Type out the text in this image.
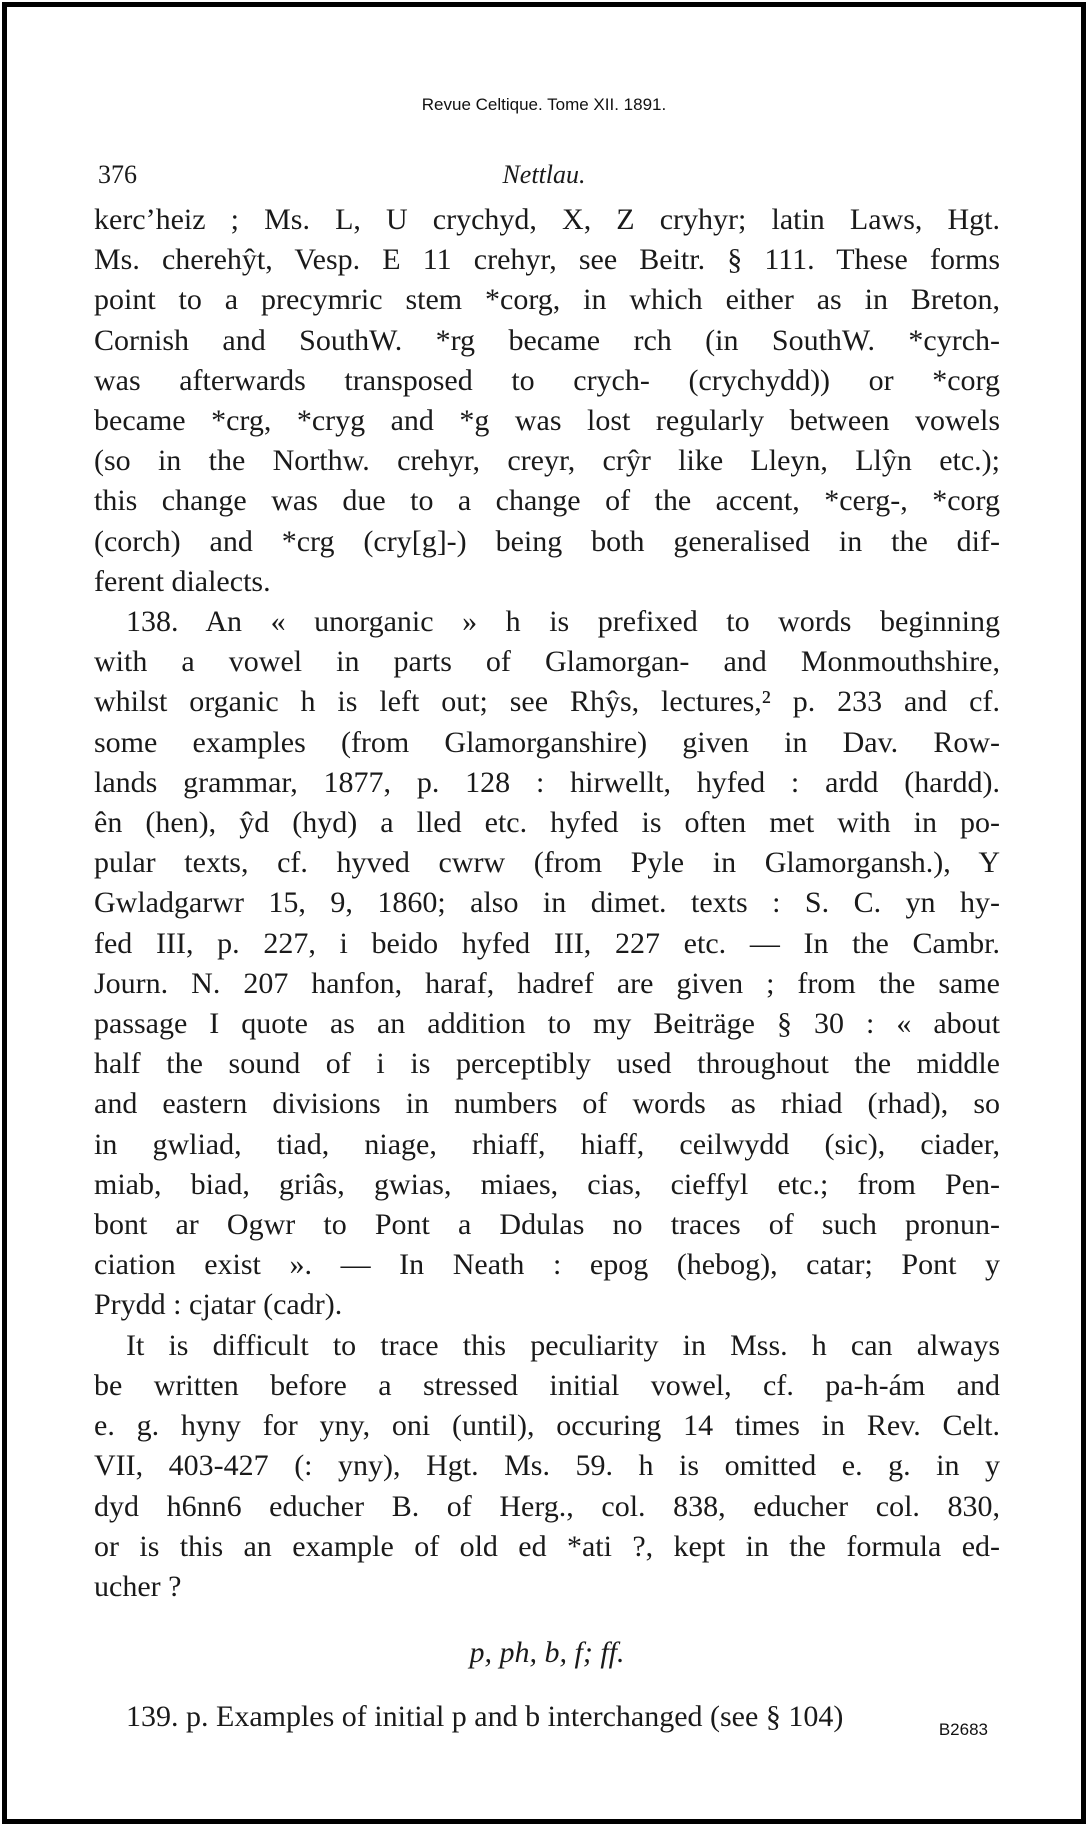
Revue Celtique. Tome XII. 1891.
376	Nettlau.

kerc’heiz ; Ms. L, U crychyd, X, Z cryhyr; latin Laws, Hgt.
Ms. cherehŷt, Vesp. E 11 crehyr, see Beitr. § 111. These forms
point to a precymric stem *corg, in which either as in Breton,
Cornish and SouthW. *rg became rch (in SouthW. *cyrch-
was afterwards transposed to crych- (crychydd)) or *corg
became *crg, *cryg and *g was lost regularly between vowels
(so in the Northw. crehyr, creyr, crŷr like Lleyn, Llŷn etc.);
this change was due to a change of the accent, *cerg-, *corg
(corch) and *crg (cry[g]-) being both generalised in the dif-
ferent dialects.

138. An « unorganic » h is prefixed to words beginning
with a vowel in parts of Glamorgan- and Monmouthshire,
whilst organic h is left out; see Rhŷs, lectures,² p. 233 and cf.
some examples (from Glamorganshire) given in Dav. Row-
lands grammar, 1877, p. 128 : hirwellt, hyfed : ardd (hardd).
ên (hen), ŷd (hyd) a lled etc. hyfed is often met with in po-
pular texts, cf. hyved cwrw (from Pyle in Glamorgansh.), Y
Gwladgarwr 15, 9, 1860; also in dimet. texts : S. C. yn hy-
fed III, p. 227, i beido hyfed III, 227 etc. — In the Cambr.
Journ. N. 207 hanfon, haraf, hadref are given ; from the same
passage I quote as an addition to my Beiträge § 30 : « about
half the sound of i is perceptibly used throughout the middle
and eastern divisions in numbers of words as rhiad (rhad), so
in gwliad, tiad, niage, rhiaff, hiaff, ceilwydd (sic), ciader,
miab, biad, griâs, gwias, miaes, cias, cieffyl etc.; from Pen-
bont ar Ogwr to Pont a Ddulas no traces of such pronun-
ciation exist ». — In Neath : epog (hebog), catar; Pont y
Prydd : cjatar (cadr).

It is difficult to trace this peculiarity in Mss. h can always
be written before a stressed initial vowel, cf. pa-h-ám and
e. g. hyny for yny, oni (until), occuring 14 times in Rev. Celt.
VII, 403-427 (: yny), Hgt. Ms. 59. h is omitted e. g. in y
dyd h6nn6 educher B. of Herg., col. 838, educher col. 830,
or is this an example of old ed *ati ?, kept in the formula ed-
ucher ?

p, ph, b, f; ff.

139. p. Examples of initial p and b interchanged (see § 104)	B2683
